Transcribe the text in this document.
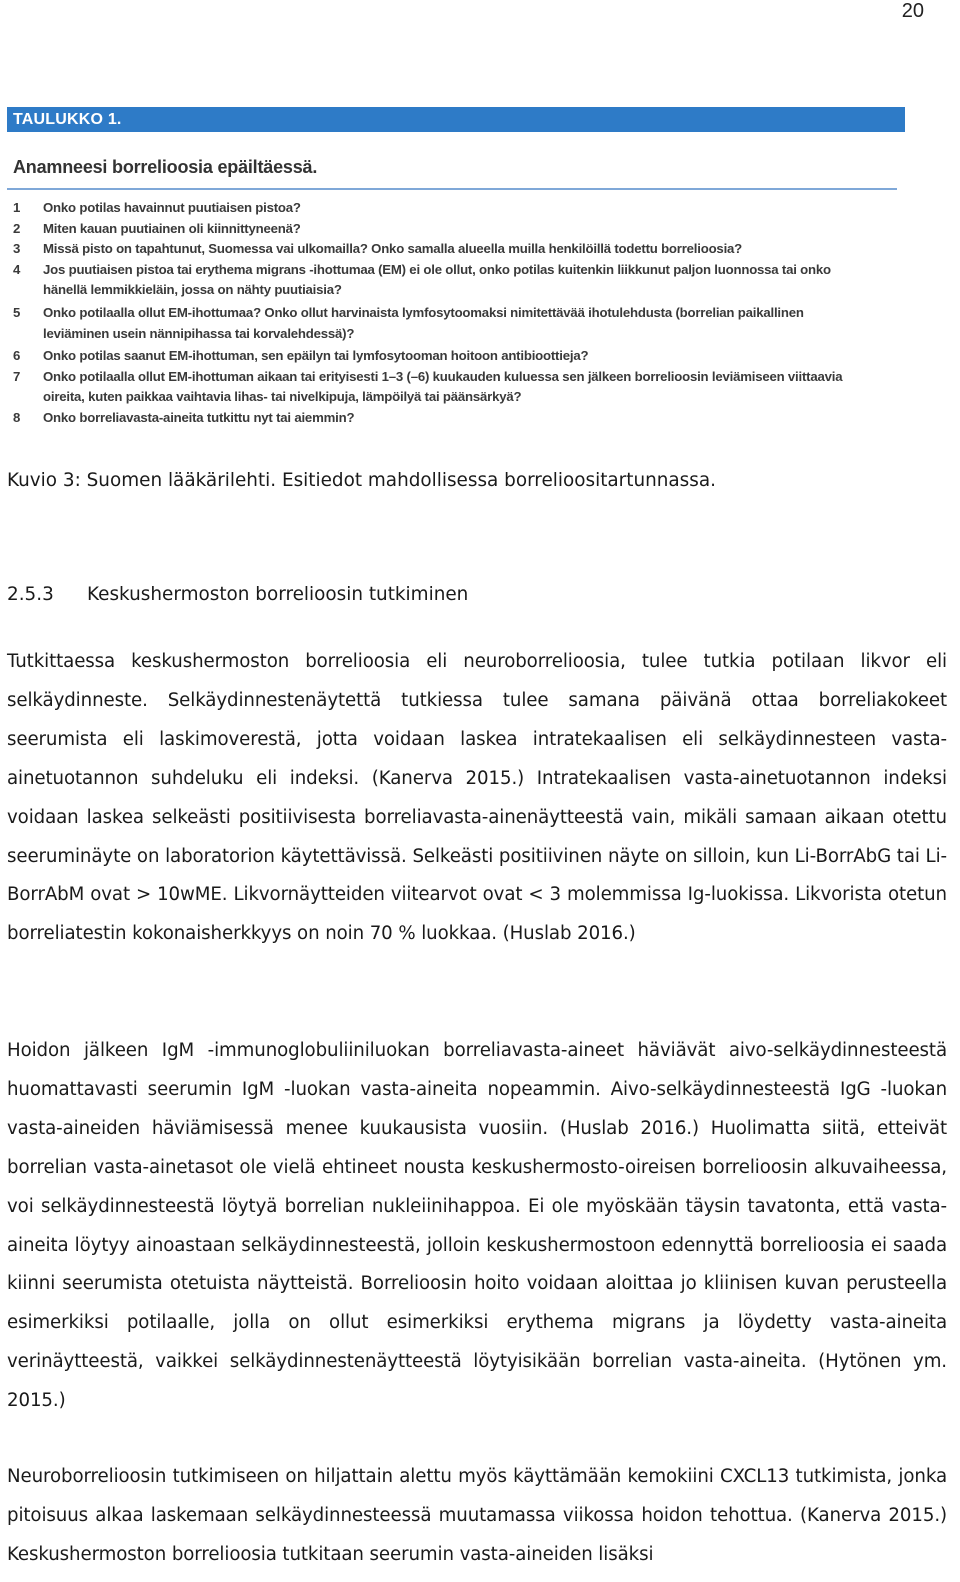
20
TAULUKKO 1.
Anamneesi borrelioosia epäiltäessä.
1	Onko potilas havainnut puutiaisen pistoa?
2	Miten kauan puutiainen oli kiinnittyneenä?
3	Missä pisto on tapahtunut, Suomessa vai ulkomailla? Onko samalla alueella muilla henkilöillä todettu borrelioosia?
4	Jos puutiaisen pistoa tai erythema migrans -ihottumaa (EM) ei ole ollut, onko potilas kuitenkin liikkunut paljon luonnossa tai onko hänellä lemmikkieläin, jossa on nähty puutiaisia?
5	Onko potilaalla ollut EM-ihottumaa? Onko ollut harvinaista lymfosytoomaksi nimitettävää ihotulehdusta (borrelian paikallinen leviäminen usein nännipihassa tai korvalehdessä)?
6	Onko potilas saanut EM-ihottuman, sen epäilyn tai lymfosytooman hoitoon antibioottieja?
7	Onko potilaalla ollut EM-ihottuman aikaan tai erityisesti 1–3 (–6) kuukauden kuluessa sen jälkeen borrelioosin leviämiseen viittaavia oireita, kuten paikkaa vaihtavia lihas- tai nivelkipuja, lämpöilyä tai päänsärkyä?
8	Onko borreliavasta-aineita tutkittu nyt tai aiemmin?
Kuvio 3: Suomen lääkärilehti. Esitiedot mahdollisessa borrelioositartunnassa.
2.5.3	Keskushermoston borrelioosin tutkiminen

Tutkittaessa keskushermoston borrelioosia eli neuroborrelioosia, tulee tutkia potilaan likvor eli selkäydinneste. Selkäydinnestenäytettä tutkiessa tulee samana päivänä ottaa borreliakokeet seerumista eli laskimoverestä, jotta voidaan laskea intratekaalisen eli selkäydinnesteen vasta-ainetuotannon suhdeluku eli indeksi. (Kanerva 2015.) Intratekaalisen vasta-ainetuotannon indeksi voidaan laskea selkeästi positiivisesta borreliavasta-ainenäytteestä vain, mikäli samaan aikaan otettu seeruminäyte on laboratorion käytettävissä. Selkeästi positiivinen näyte on silloin, kun Li-BorrAbG tai Li-BorrAbM ovat > 10wME. Likvornäytteiden viitearvot ovat < 3 molemmissa Ig-luokissa. Likvorista otetun borreliatestin kokonaisherkkyys on noin 70 % luokkaa. (Huslab 2016.)

Hoidon jälkeen IgM -immunoglobuliiniluokan borreliavasta-aineet häviävät aivo-selkäydinnesteestä huomattavasti seerumin IgM -luokan vasta-aineita nopeammin. Aivo-selkäydinnesteestä IgG -luokan vasta-aineiden häviämisessä menee kuukausista vuosiin. (Huslab 2016.) Huolimatta siitä, etteivät borrelian vasta-ainetasot ole vielä ehtineet nousta keskushermosto-oireisen borrelioosin alkuvaiheessa, voi selkäydinnesteestä löytyä borrelian nukleiinihappoa. Ei ole myöskään täysin tavatonta, että vasta-aineita löytyy ainoastaan selkäydinnesteestä, jolloin keskushermostoon edennyttä borrelioosia ei saada kiinni seerumista otetuista näytteistä. Borrelioosin hoito voidaan aloittaa jo kliinisen kuvan perusteella esimerkiksi potilaalle, jolla on ollut esimerkiksi erythema migrans ja löydetty vasta-aineita verinäytteestä, vaikkei selkäydinnestenäytteestä löytyisikään borrelian vasta-aineita. (Hytönen ym. 2015.)

Neuroborrelioosin tutkimiseen on hiljattain alettu myös käyttämään kemokiini CXCL13 tutkimista, jonka pitoisuus alkaa laskemaan selkäydinnesteessä muutamassa viikossa hoidon tehottua. (Kanerva 2015.) Keskushermoston borrelioosia tutkitaan seerumin vasta-aineiden lisäksi
